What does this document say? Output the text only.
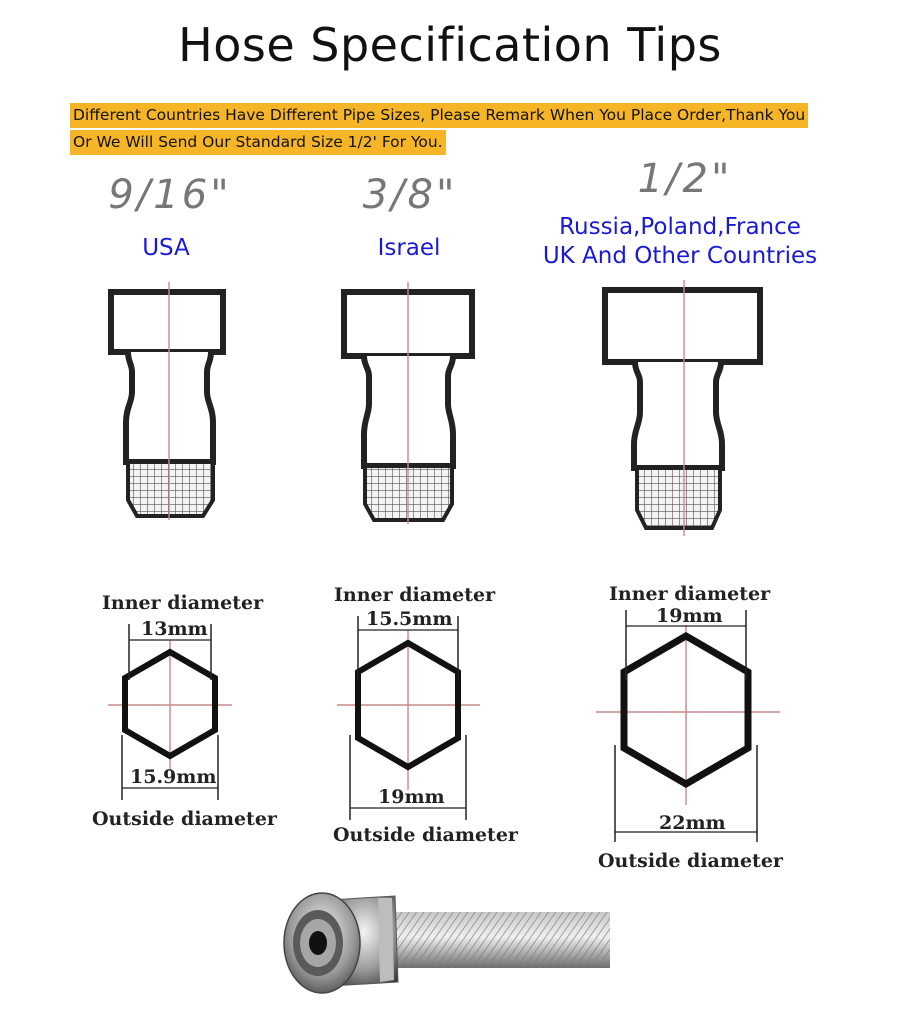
Hose Specification Tips
Different Countries Have Different Pipe Sizes, Please Remark When You Place Order,Thank You
Or We Will Send Our Standard Size 1/2' For You.
9/16"	3/8"	1/2"
USA	Israel
Russia,Poland,France
UK And Other Countries
Inner diameter
13mm
15.9mm
Outside diameter
Inner diameter
15.5mm
19mm
Outside diameter
Inner diameter
19mm
22mm
Outside diameter
